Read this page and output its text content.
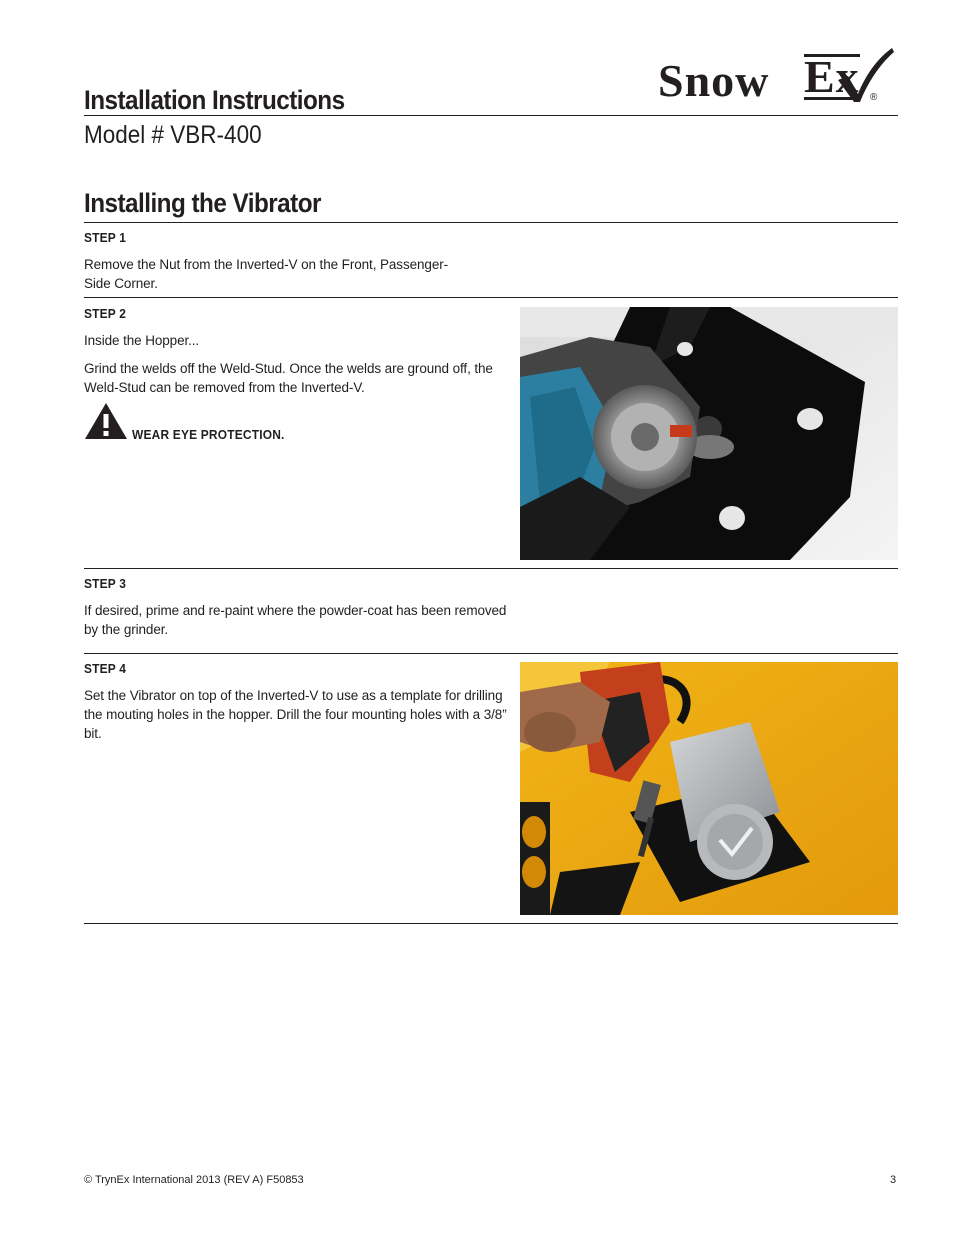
Snow Ex ®
Installation Instructions
Model # VBR-400
Installing the Vibrator
STEP 1
Remove the Nut from the Inverted-V on the Front, Passenger-
Side Corner.
STEP 2
Inside the Hopper...
Grind the welds off the Weld-Stud. Once the welds are ground off, the Weld-Stud can be removed from the Inverted-V.
WEAR EYE PROTECTION.
STEP 3
If desired, prime and re-paint where the powder-coat has been removed by the grinder.
STEP 4
Set the Vibrator on top of the Inverted-V to use as a template for drilling the mouting holes in the hopper. Drill the four mounting holes with a 3/8” bit.
© TrynEx International 2013 (REV A) F50853	3
